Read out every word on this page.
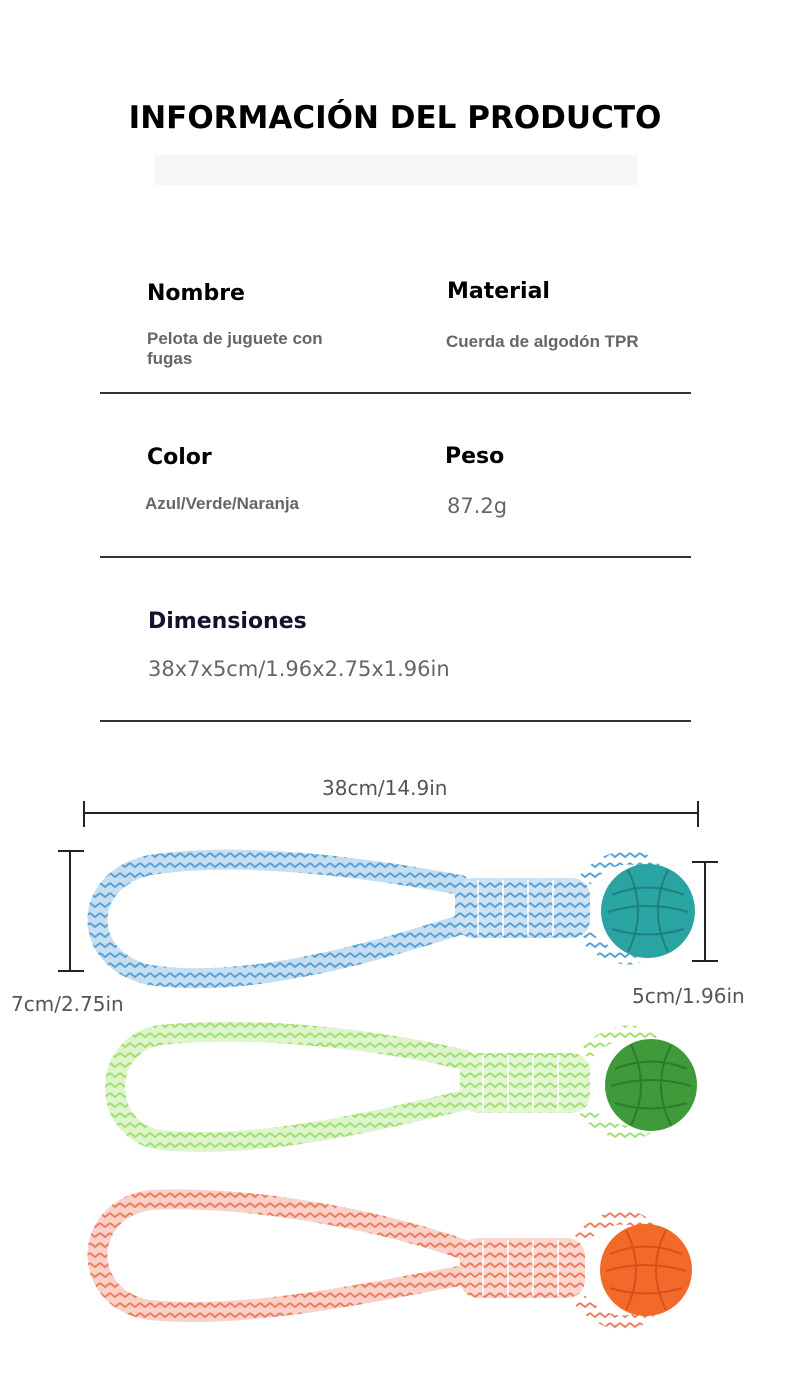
INFORMACIÓN DEL PRODUCTO
Nombre
Pelota de juguete con fugas
Material
Cuerda de algodón TPR
Color
Azul/Verde/Naranja
Peso
87.2g
Dimensiones
38x7x5cm/1.96x2.75x1.96in
38cm/14.9in
7cm/2.75in	5cm/1.96in
